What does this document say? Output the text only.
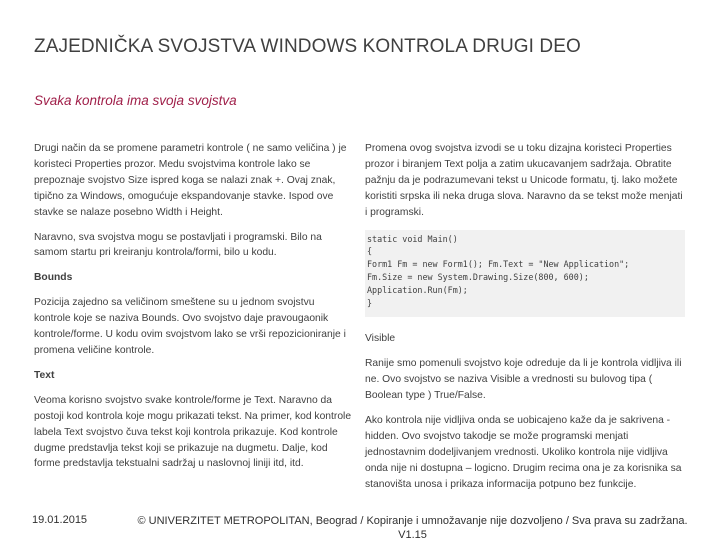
ZAJEDNIČKA SVOJSTVA WINDOWS KONTROLA DRUGI DEO
Svaka kontrola ima svoja svojstva

Drugi način da se promene parametri kontrole ( ne samo veličina ) je koristeci Properties prozor. Medu svojstvima kontrole lako se prepoznaje svojstvo Size ispred koga se nalazi znak +. Ovaj znak, tipično za Windows, omogućuje ekspandovanje stavke. Ispod ove stavke se nalaze posebno Width i Height.

Naravno, sva svojstva mogu se postavljati i programski. Bilo na samom startu pri kreiranju kontrola/formi, bilo u kodu.

Bounds

Pozicija zajedno sa veličinom smeštene su u jednom svojstvu kontrole koje se naziva Bounds. Ovo svojstvo daje pravougaonik kontrole/forme. U kodu ovim svojstvom lako se vrši repozicioniranje i promena veličine kontrole.

Text

Veoma korisno svojstvo svake kontrole/forme je Text. Naravno da postoji kod kontrola koje mogu prikazati tekst. Na primer, kod kontrole labela Text svojstvo čuva tekst koji kontrola prikazuje. Kod kontrole dugme predstavlja tekst koji se prikazuje na dugmetu. Dalje, kod forme predstavlja tekstualni sadržaj u naslovnoj liniji itd, itd.

Promena ovog svojstva izvodi se u toku dizajna koristeci Properties prozor i biranjem Text polja a zatim ukucavanjem sadržaja. Obratite pažnju da je podrazumevani tekst u Unicode formatu, tj. lako možete koristiti srpska ili neka druga slova. Naravno da se tekst može menjati i programski.

static void Main()
{
Form1 Fm = new Form1(); Fm.Text = "New Application";
Fm.Size = new System.Drawing.Size(800, 600);
Application.Run(Fm);
}

Visible

Ranije smo pomenuli svojstvo koje odreduje da li je kontrola vidljiva ili ne. Ovo svojstvo se naziva Visible a vrednosti su bulovog tipa ( Boolean type ) True/False.

Ako kontrola nije vidljiva onda se uobicajeno kaže da je sakrivena - hidden. Ovo svojstvo takodje se može programski menjati jednostavnim dodeljivanjem vrednosti. Ukoliko kontrola nije vidljiva onda nije ni dostupna – logicno. Drugim recima ona je za korisnika sa stanovišta unosa i prikaza informacija potpuno bez funkcije.

19.01.2015	© UNIVERZITET METROPOLITAN, Beograd / Kopiranje i umnožavanje nije dozvoljeno / Sva prava su zadržana. V1.15
